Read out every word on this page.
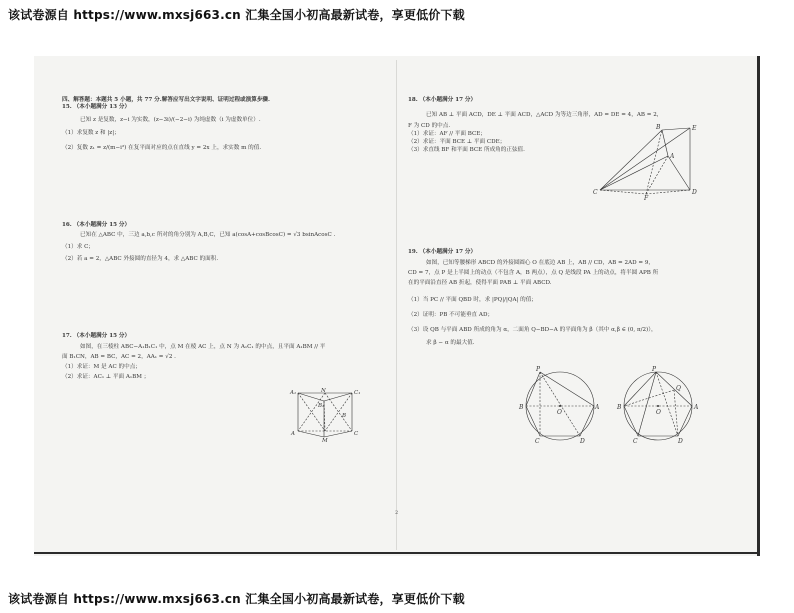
该试卷源自 https://www.mxsj663.cn 汇集全国小初高最新试卷，享更低价下载

四、解答题：本题共 5 小题，共 77 分.解答应写出文字说明、证明过程或演算步骤.

15. （本小题满分 13 分）

已知 z 是复数，z−i 为实数，(z−3i)/(−2−i) 为纯虚数（i 为虚数单位）.

（1）求复数 z 和 |z|；

（2）复数 z₁ = z/(m−i²) 在复平面对应的点在直线 y = 2x 上，求实数 m 的值.

16. （本小题满分 15 分）

已知在 △ABC 中，三边 a,b,c 所对的角分别为 A,B,C，已知 a(cosA+cosBcosC) = √3 bsinAcosC .

（1）求 C；

（2）若 a = 2，△ABC 外接圆的直径为 4，求 △ABC 的面积.

17. （本小题满分 15 分）

如图，在三棱柱 ABC−A₁B₁C₁ 中，点 M 在棱 AC 上，点 N 为 A₁C₁ 的中点，且平面 A₁BM // 平

面 B₁CN，AB = BC，AC = 2，AA₁ = √2 .

（1）求证：M 是 AC 的中点；

（2）求证：AC₁ ⊥ 平面 A₁BM ；

A₁	N	C₁
B₁
A
B
C
M

18. （本小题满分 17 分）

已知 AB ⊥ 平面 ACD，DE ⊥ 平面 ACD，△ACD 为等边三角形，AD = DE = 4，AB = 2，

F 为 CD 的中点.

（1）求证：AF // 平面 BCE；

（2）求证：平面 BCE ⊥ 平面 CDE；

（3）求直线 BF 和平面 BCE 所成角的正弦值.

19. （本小题满分 17 分）

如图，已知等腰梯形 ABCD 的外接圆圆心 O 在底边 AB 上，AB // CD，AB = 2AD = 9，

CD = 7，点 P 是上半圆上的动点（不包含 A，B 两点），点 Q 是线段 PA 上的动点，将半圆 APB 所

在的平面沿直径 AB 折起，使得平面 PAB ⊥ 平面 ABCD.

（1）当 PC // 平面 QBD 时，求 |PQ|/|QA| 的值；

（2）证明：PB 不可能垂直 AD；

（3）设 QB 与平面 ABD 所成的角为 α，二面角 Q−BD−A 的平面角为 β（其中 α,β ∈ (0, π/2)），

求 β − α 的最大值.

B	E
A
C	D
F
P
B
O
A
C	D
P
Q
B
O
A
C	D
2
该试卷源自 https://www.mxsj663.cn 汇集全国小初高最新试卷，享更低价下载
